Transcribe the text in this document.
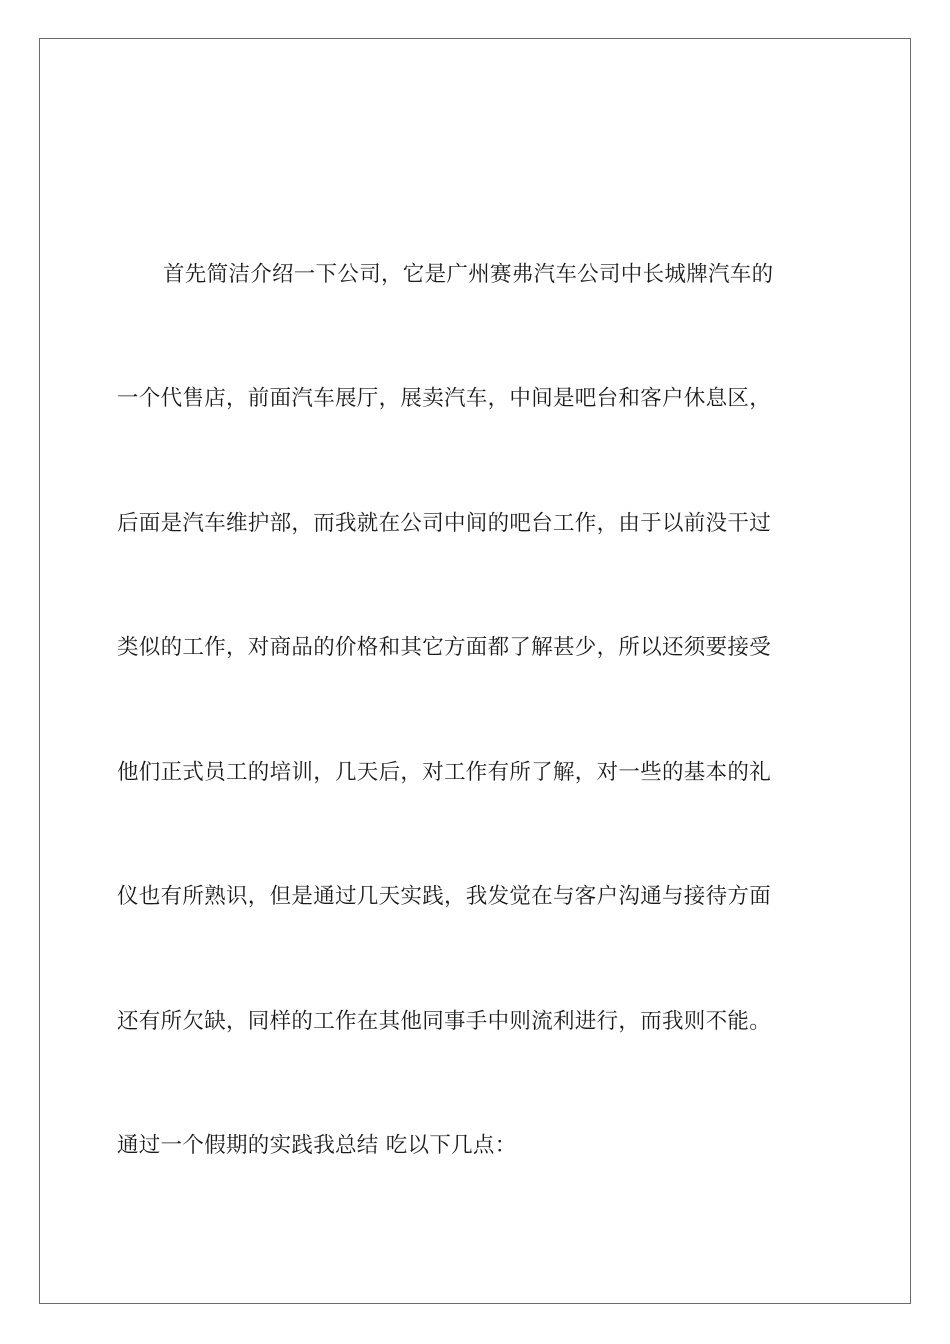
首先简洁介绍一下公司，它是广州赛弗汽车公司中长城牌汽车的
一个代售店，前面汽车展厅，展卖汽车，中间是吧台和客户休息区，
后面是汽车维护部，而我就在公司中间的吧台工作，由于以前没干过
类似的工作，对商品的价格和其它方面都了解甚少，所以还须要接受
他们正式员工的培训，几天后，对工作有所了解，对一些的基本的礼
仪也有所熟识，但是通过几天实践，我发觉在与客户沟通与接待方面
还有所欠缺，同样的工作在其他同事手中则流利进行，而我则不能。
通过一个假期的实践我总结 吃以下几点：
